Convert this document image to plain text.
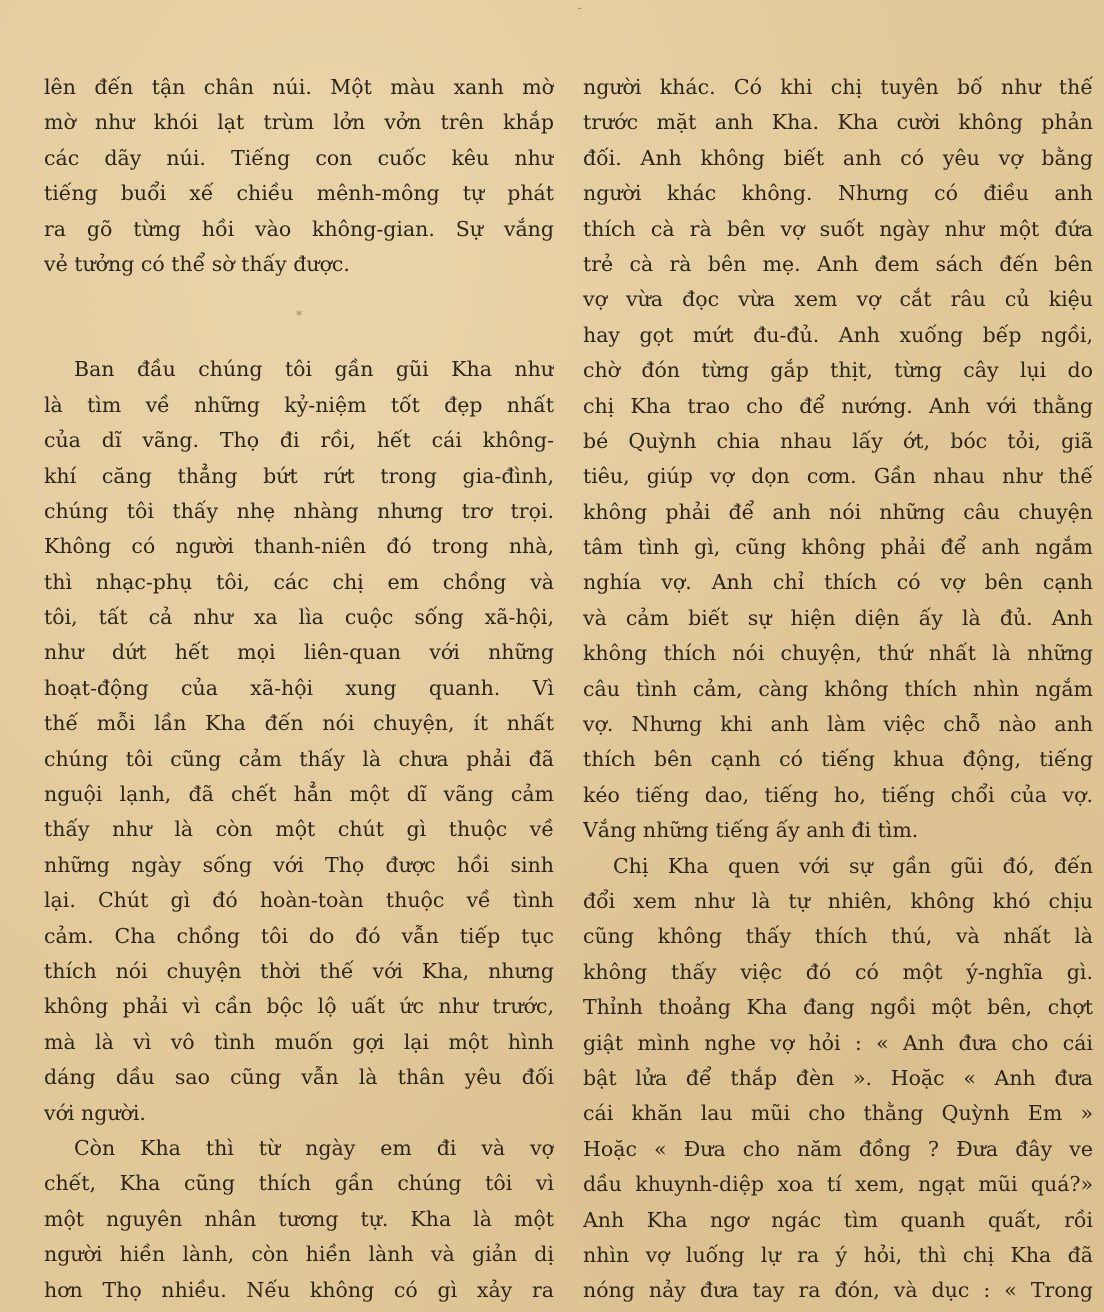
-
lên đến tận chân núi. Một màu xanh mờ
mờ như khói lạt trùm lởn vởn trên khắp
các dãy núi. Tiếng con cuốc kêu như
tiếng buổi xế chiều mênh-mông tự phát
ra gõ từng hồi vào không-gian. Sự vắng
vẻ tưởng có thể sờ thấy được.
*
Ban đầu chúng tôi gần gũi Kha như
là tìm về những kỷ-niệm tốt đẹp nhất
của dĩ vãng. Thọ đi rồi, hết cái không-
khí căng thẳng bứt rứt trong gia-đình,
chúng tôi thấy nhẹ nhàng nhưng trơ trọi.
Không có người thanh-niên đó trong nhà,
thì nhạc-phụ tôi, các chị em chồng và
tôi, tất cả như xa lìa cuộc sống xã-hội,
như dứt hết mọi liên-quan với những
hoạt-động của xã-hội xung quanh. Vì
thế mỗi lần Kha đến nói chuyện, ít nhất
chúng tôi cũng cảm thấy là chưa phải đã
nguội lạnh, đã chết hẳn một dĩ vãng cảm
thấy như là còn một chút gì thuộc về
những ngày sống với Thọ được hồi sinh
lại. Chút gì đó hoàn-toàn thuộc về tình
cảm. Cha chồng tôi do đó vẫn tiếp tục
thích nói chuyện thời thế với Kha, nhưng
không phải vì cần bộc lộ uất ức như trước,
mà là vì vô tình muốn gợi lại một hình
dáng dầu sao cũng vẫn là thân yêu đối
với người.
Còn Kha thì từ ngày em đi và vợ
chết, Kha cũng thích gần chúng tôi vì
một nguyên nhân tương tự. Kha là một
người hiền lành, còn hiền lành và giản dị
hơn Thọ nhiều. Nếu không có gì xảy ra
người khác. Có khi chị tuyên bố như thế
trước mặt anh Kha. Kha cười không phản
đối. Anh không biết anh có yêu vợ bằng
người khác không. Nhưng có điều anh
thích cà rà bên vợ suốt ngày như một đứa
trẻ cà rà bên mẹ. Anh đem sách đến bên
vợ vừa đọc vừa xem vợ cắt râu củ kiệu
hay gọt mứt đu-đủ. Anh xuống bếp ngồi,
chờ đón từng gắp thịt, từng cây lụi do
chị Kha trao cho để nướng. Anh với thằng
bé Quỳnh chia nhau lấy ớt, bóc tỏi, giã
tiêu, giúp vợ dọn cơm. Gần nhau như thế
không phải để anh nói những câu chuyện
tâm tình gì, cũng không phải để anh ngắm
nghía vợ. Anh chỉ thích có vợ bên cạnh
và cảm biết sự hiện diện ấy là đủ. Anh
không thích nói chuyện, thứ nhất là những
câu tình cảm, càng không thích nhìn ngắm
vợ. Nhưng khi anh làm việc chỗ nào anh
thích bên cạnh có tiếng khua động, tiếng
kéo tiếng dao, tiếng ho, tiếng chổi của vợ.
Vắng những tiếng ấy anh đi tìm.
Chị Kha quen với sự gần gũi đó, đến
đổi xem như là tự nhiên, không khó chịu
cũng không thấy thích thú, và nhất là
không thấy việc đó có một ý-nghĩa gì.
Thỉnh thoảng Kha đang ngồi một bên, chợt
giật mình nghe vợ hỏi : « Anh đưa cho cái
bật lửa để thắp đèn ». Hoặc « Anh đưa
cái khăn lau mũi cho thằng Quỳnh Em »
Hoặc « Đưa cho năm đồng ? Đưa đây ve
dầu khuynh-diệp xoa tí xem, ngạt mũi quá?»
Anh Kha ngơ ngác tìm quanh quất, rồi
nhìn vợ luống lự ra ý hỏi, thì chị Kha đã
nóng nảy đưa tay ra đón, và dục : « Trong
